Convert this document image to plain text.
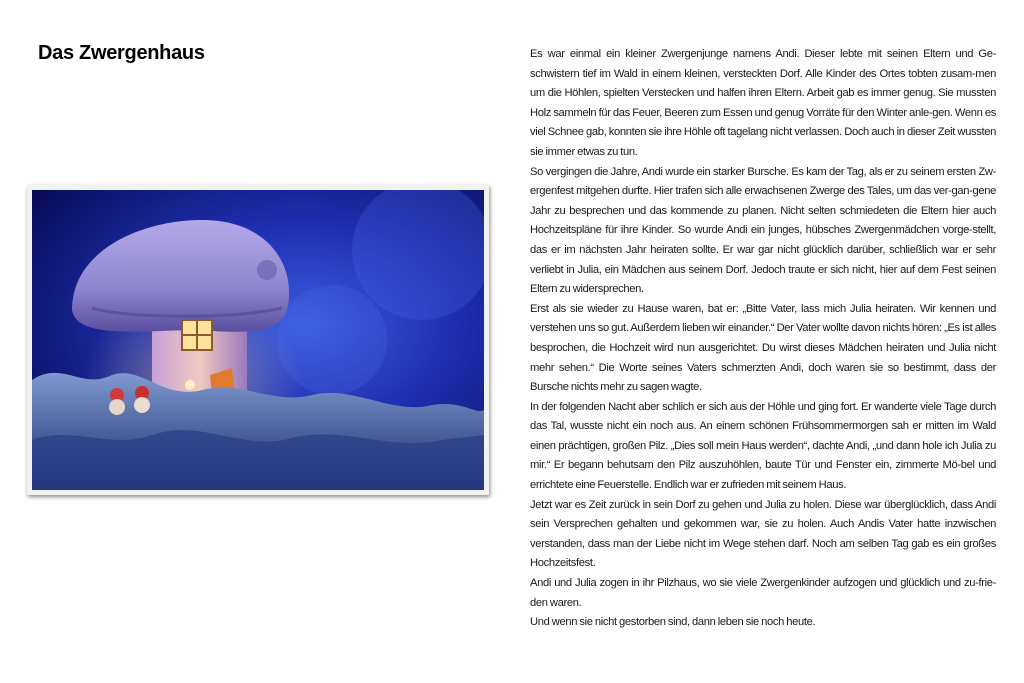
Das Zwergenhaus	Es war einmal ein kleiner Zwergenjunge namens Andi. Dieser lebte mit seinen Eltern und Ge-schwistern tief im Wald in einem kleinen, versteckten Dorf. Alle Kinder des Ortes tobten zusam-men um die Höhlen, spielten Verstecken und halfen ihren Eltern. Arbeit gab es immer genug. Sie mussten Holz sammeln für das Feuer, Beeren zum Essen und genug Vorräte für den Winter anle-gen. Wenn es viel Schnee gab, konnten sie ihre Höhle oft tagelang nicht verlassen. Doch auch in dieser Zeit wussten sie immer etwas zu tun.

So vergingen die Jahre, Andi wurde ein starker Bursche. Es kam der Tag, als er zu seinem ersten Zw-ergenfest mitgehen durfte. Hier trafen sich alle erwachsenen Zwerge des Tales, um das ver-gan-gene Jahr zu besprechen und das kommende zu planen. Nicht selten schmiedeten die Eltern hier auch Hochzeitspläne für ihre Kinder. So wurde Andi ein junges, hübsches Zwergenmädchen vorge-stellt, das er im nächsten Jahr heiraten sollte. Er war gar nicht glücklich darüber, schließlich war er sehr verliebt in Julia, ein Mädchen aus seinem Dorf. Jedoch traute er sich nicht, hier auf dem Fest seinen Eltern zu widersprechen.

Erst als sie wieder zu Hause waren, bat er: „Bitte Vater, lass mich Julia heiraten. Wir kennen und verstehen uns so gut. Außerdem lieben wir einander.“ Der Vater wollte davon nichts hören: „Es ist alles besprochen, die Hochzeit wird nun ausgerichtet. Du wirst dieses Mädchen heiraten und Julia nicht mehr sehen.“ Die Worte seines Vaters schmerzten Andi, doch waren sie so bestimmt, dass der Bursche nichts mehr zu sagen wagte.

In der folgenden Nacht aber schlich er sich aus der Höhle und ging fort. Er wanderte viele Tage durch das Tal, wusste nicht ein noch aus. An einem schönen Frühsommermorgen sah er mitten im Wald einen prächtigen, großen Pilz. „Dies soll mein Haus werden“, dachte Andi, „und dann hole ich Julia zu mir.“ Er begann behutsam den Pilz auszuhöhlen, baute Tür und Fenster ein, zimmerte Mö-bel und errichtete eine Feuerstelle. Endlich war er zufrieden mit seinem Haus.

Jetzt war es Zeit zurück in sein Dorf zu gehen und Julia zu holen. Diese war überglücklich, dass Andi sein Versprechen gehalten und gekommen war, sie zu holen. Auch Andis Vater hatte inzwischen verstanden, dass man der Liebe nicht im Wege stehen darf. Noch am selben Tag gab es ein großes Hochzeitsfest.

Andi und Julia zogen in ihr Pilzhaus, wo sie viele Zwergenkinder aufzogen und glücklich und zu-frie-den waren.

Und wenn sie nicht gestorben sind, dann leben sie noch heute.
